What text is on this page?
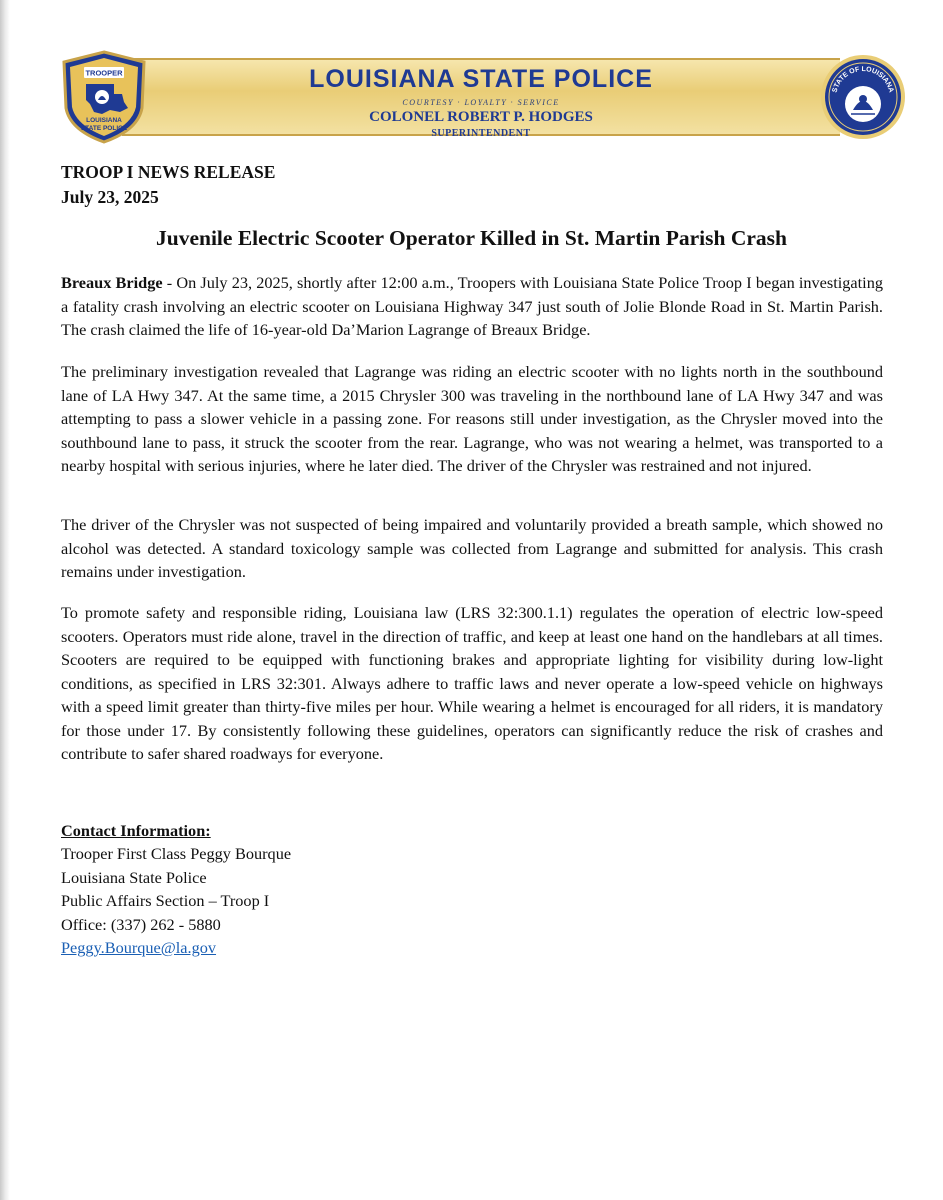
LOUISIANA STATE POLICE
COURTESY · LOYALTY · SERVICE
COLONEL ROBERT P. HODGES
SUPERINTENDENT
TROOPER
LOUISIANA
STATE POLICE
STATE OF LOUISIANA
TROOP I NEWS RELEASE
July 23, 2025
Juvenile Electric Scooter Operator Killed in St. Martin Parish Crash

Breaux Bridge - On July 23, 2025, shortly after 12:00 a.m., Troopers with Louisiana State Police Troop I began investigating a fatality crash involving an electric scooter on Louisiana Highway 347 just south of Jolie Blonde Road in St. Martin Parish. The crash claimed the life of 16-year-old Da’Marion Lagrange of Breaux Bridge.

The preliminary investigation revealed that Lagrange was riding an electric scooter with no lights north in the southbound lane of LA Hwy 347. At the same time, a 2015 Chrysler 300 was traveling in the northbound lane of LA Hwy 347 and was attempting to pass a slower vehicle in a passing zone. For reasons still under investigation, as the Chrysler moved into the southbound lane to pass, it struck the scooter from the rear. Lagrange, who was not wearing a helmet, was transported to a nearby hospital with serious injuries, where he later died. The driver of the Chrysler was restrained and not injured.

The driver of the Chrysler was not suspected of being impaired and voluntarily provided a breath sample, which showed no alcohol was detected. A standard toxicology sample was collected from Lagrange and submitted for analysis. This crash remains under investigation.

To promote safety and responsible riding, Louisiana law (LRS 32:300.1.1) regulates the operation of electric low-speed scooters. Operators must ride alone, travel in the direction of traffic, and keep at least one hand on the handlebars at all times. Scooters are required to be equipped with functioning brakes and appropriate lighting for visibility during low-light conditions, as specified in LRS 32:301. Always adhere to traffic laws and never operate a low-speed vehicle on highways with a speed limit greater than thirty-five miles per hour. While wearing a helmet is encouraged for all riders, it is mandatory for those under 17. By consistently following these guidelines, operators can significantly reduce the risk of crashes and contribute to safer shared roadways for everyone.

Contact Information:
Trooper First Class Peggy Bourque
Louisiana State Police
Public Affairs Section – Troop I
Office: (337) 262 - 5880
Peggy.Bourque@la.gov
